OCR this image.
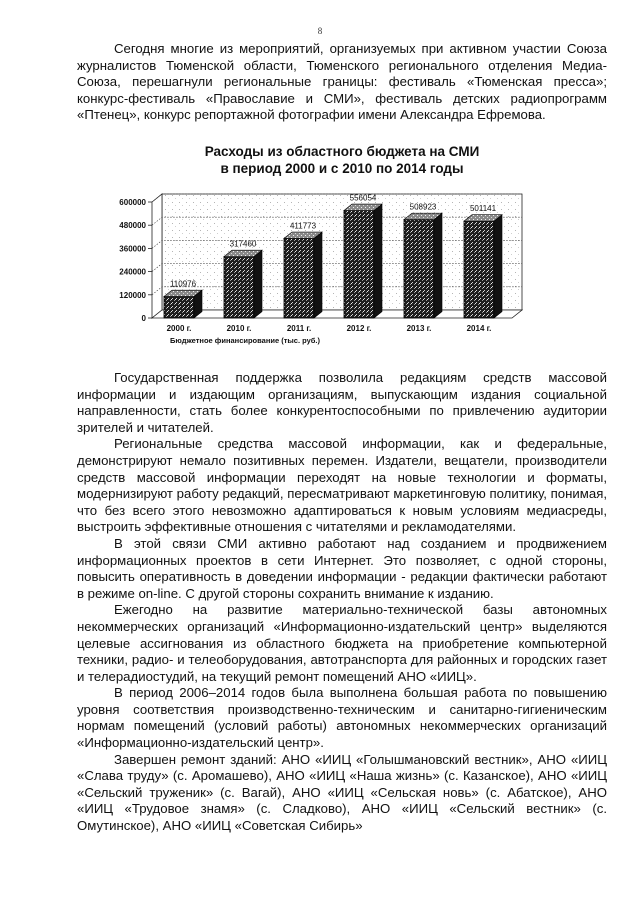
8

Сегодня многие из мероприятий, организуемых при активном участии Союза журналистов Тюменской области, Тюменского регионального отделения Медиа-Союза, перешагнули региональные границы: фестиваль «Тюменская пресса»; конкурс-фестиваль «Православие и СМИ», фестиваль детских радиопрограмм «Птенец», конкурс репортажной фотографии имени Александра Ефремова.

Расходы из областного бюджета на СМИ
в период 2000 и с 2010 по 2014 годы
110976
317460
411773
556054
508923	501141
0
120000
240000
360000
480000
600000
2000 г.	2010 г.	2011 г.	2012 г.	2013 г.	2014 г.
Бюджетное финансирование (тыс. руб.)

Государственная поддержка позволила редакциям средств массовой информации и издающим организациям, выпускающим издания социальной направленности, стать более конкурентоспособными по привлечению аудитории зрителей и читателей.

Региональные средства массовой информации, как и федеральные, демонстрируют немало позитивных перемен. Издатели, вещатели, производители средств массовой информации переходят на новые технологии и форматы, модернизируют работу редакций, пересматривают маркетинговую политику, понимая, что без всего этого невозможно адаптироваться к новым условиям медиасреды, выстроить эффективные отношения с читателями и рекламодателями.

В этой связи СМИ активно работают над созданием и продвижением информационных проектов в сети Интернет. Это позволяет, с одной стороны, повысить оперативность в доведении информации - редакции фактически работают в режиме on-line. С другой стороны сохранить внимание к изданию.

Ежегодно на развитие материально-технической базы автономных некоммерческих организаций «Информационно-издательский центр» выделяются целевые ассигнования из областного бюджета на приобретение компьютерной техники, радио- и телеоборудования, автотранспорта для районных и городских газет и телерадиостудий, на текущий ремонт помещений АНО «ИИЦ».

В период 2006–2014 годов была выполнена большая работа по повышению уровня соответствия производственно-техническим и санитарно-гигиеническим нормам помещений (условий работы) автономных некоммерческих организаций «Информационно-издательский центр».

Завершен ремонт зданий: АНО «ИИЦ «Голышмановский вестник», АНО «ИИЦ «Слава труду» (с. Аромашево), АНО «ИИЦ «Наша жизнь» (с. Казанское), АНО «ИИЦ «Сельский труженик» (с. Вагай), АНО «ИИЦ «Сельская новь» (с. Абатское), АНО «ИИЦ «Трудовое знамя» (с. Сладково), АНО «ИИЦ «Сельский вестник» (с. Омутинское), АНО «ИИЦ «Советская Сибирь»
